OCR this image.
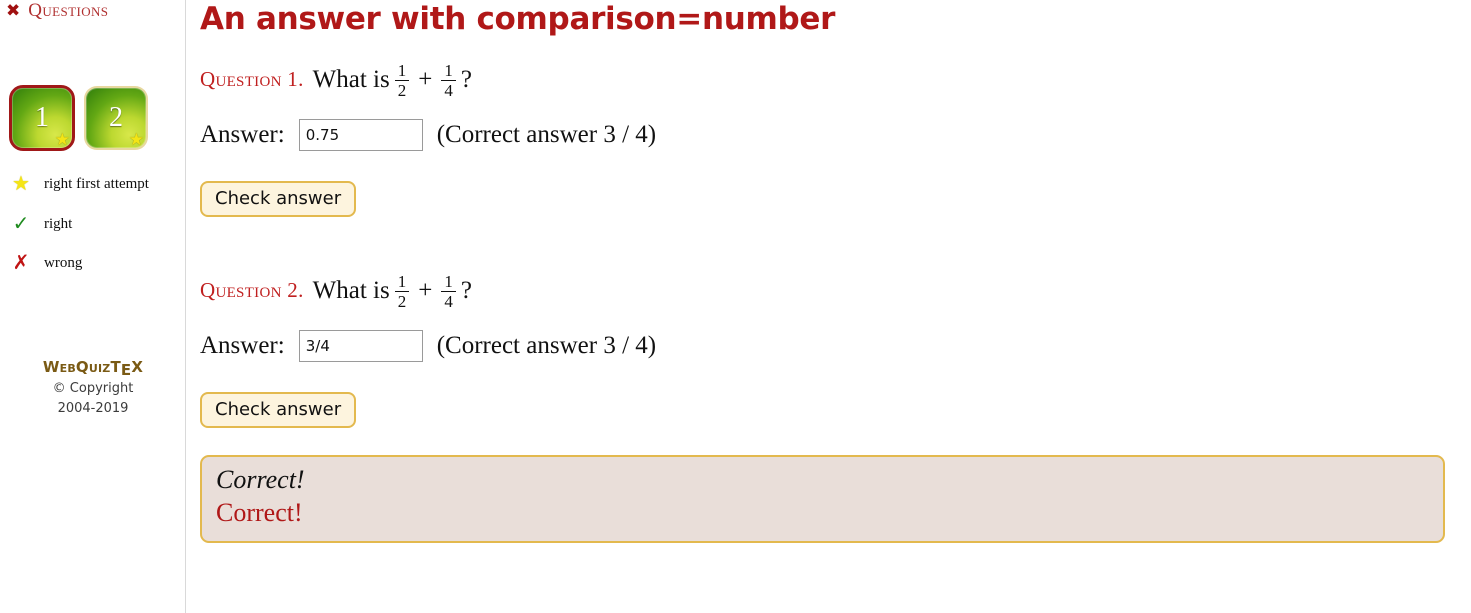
✖ Questions
1
★
2
★
★ right first attempt
✓ right
✗ wrong
WebQuizTEX
© Copyright
2004-2019
An answer with comparison=number
Question 1. What is $\frac{1}{2} + \frac{1}{4}$ ?
Answer:
0.75	(Correct answer 3 / 4)
Check answer
Question 2. What is $\frac{1}{2} + \frac{1}{4}$ ?
Answer:
3/4	(Correct answer 3 / 4)
Check answer
Correct!
Correct!
